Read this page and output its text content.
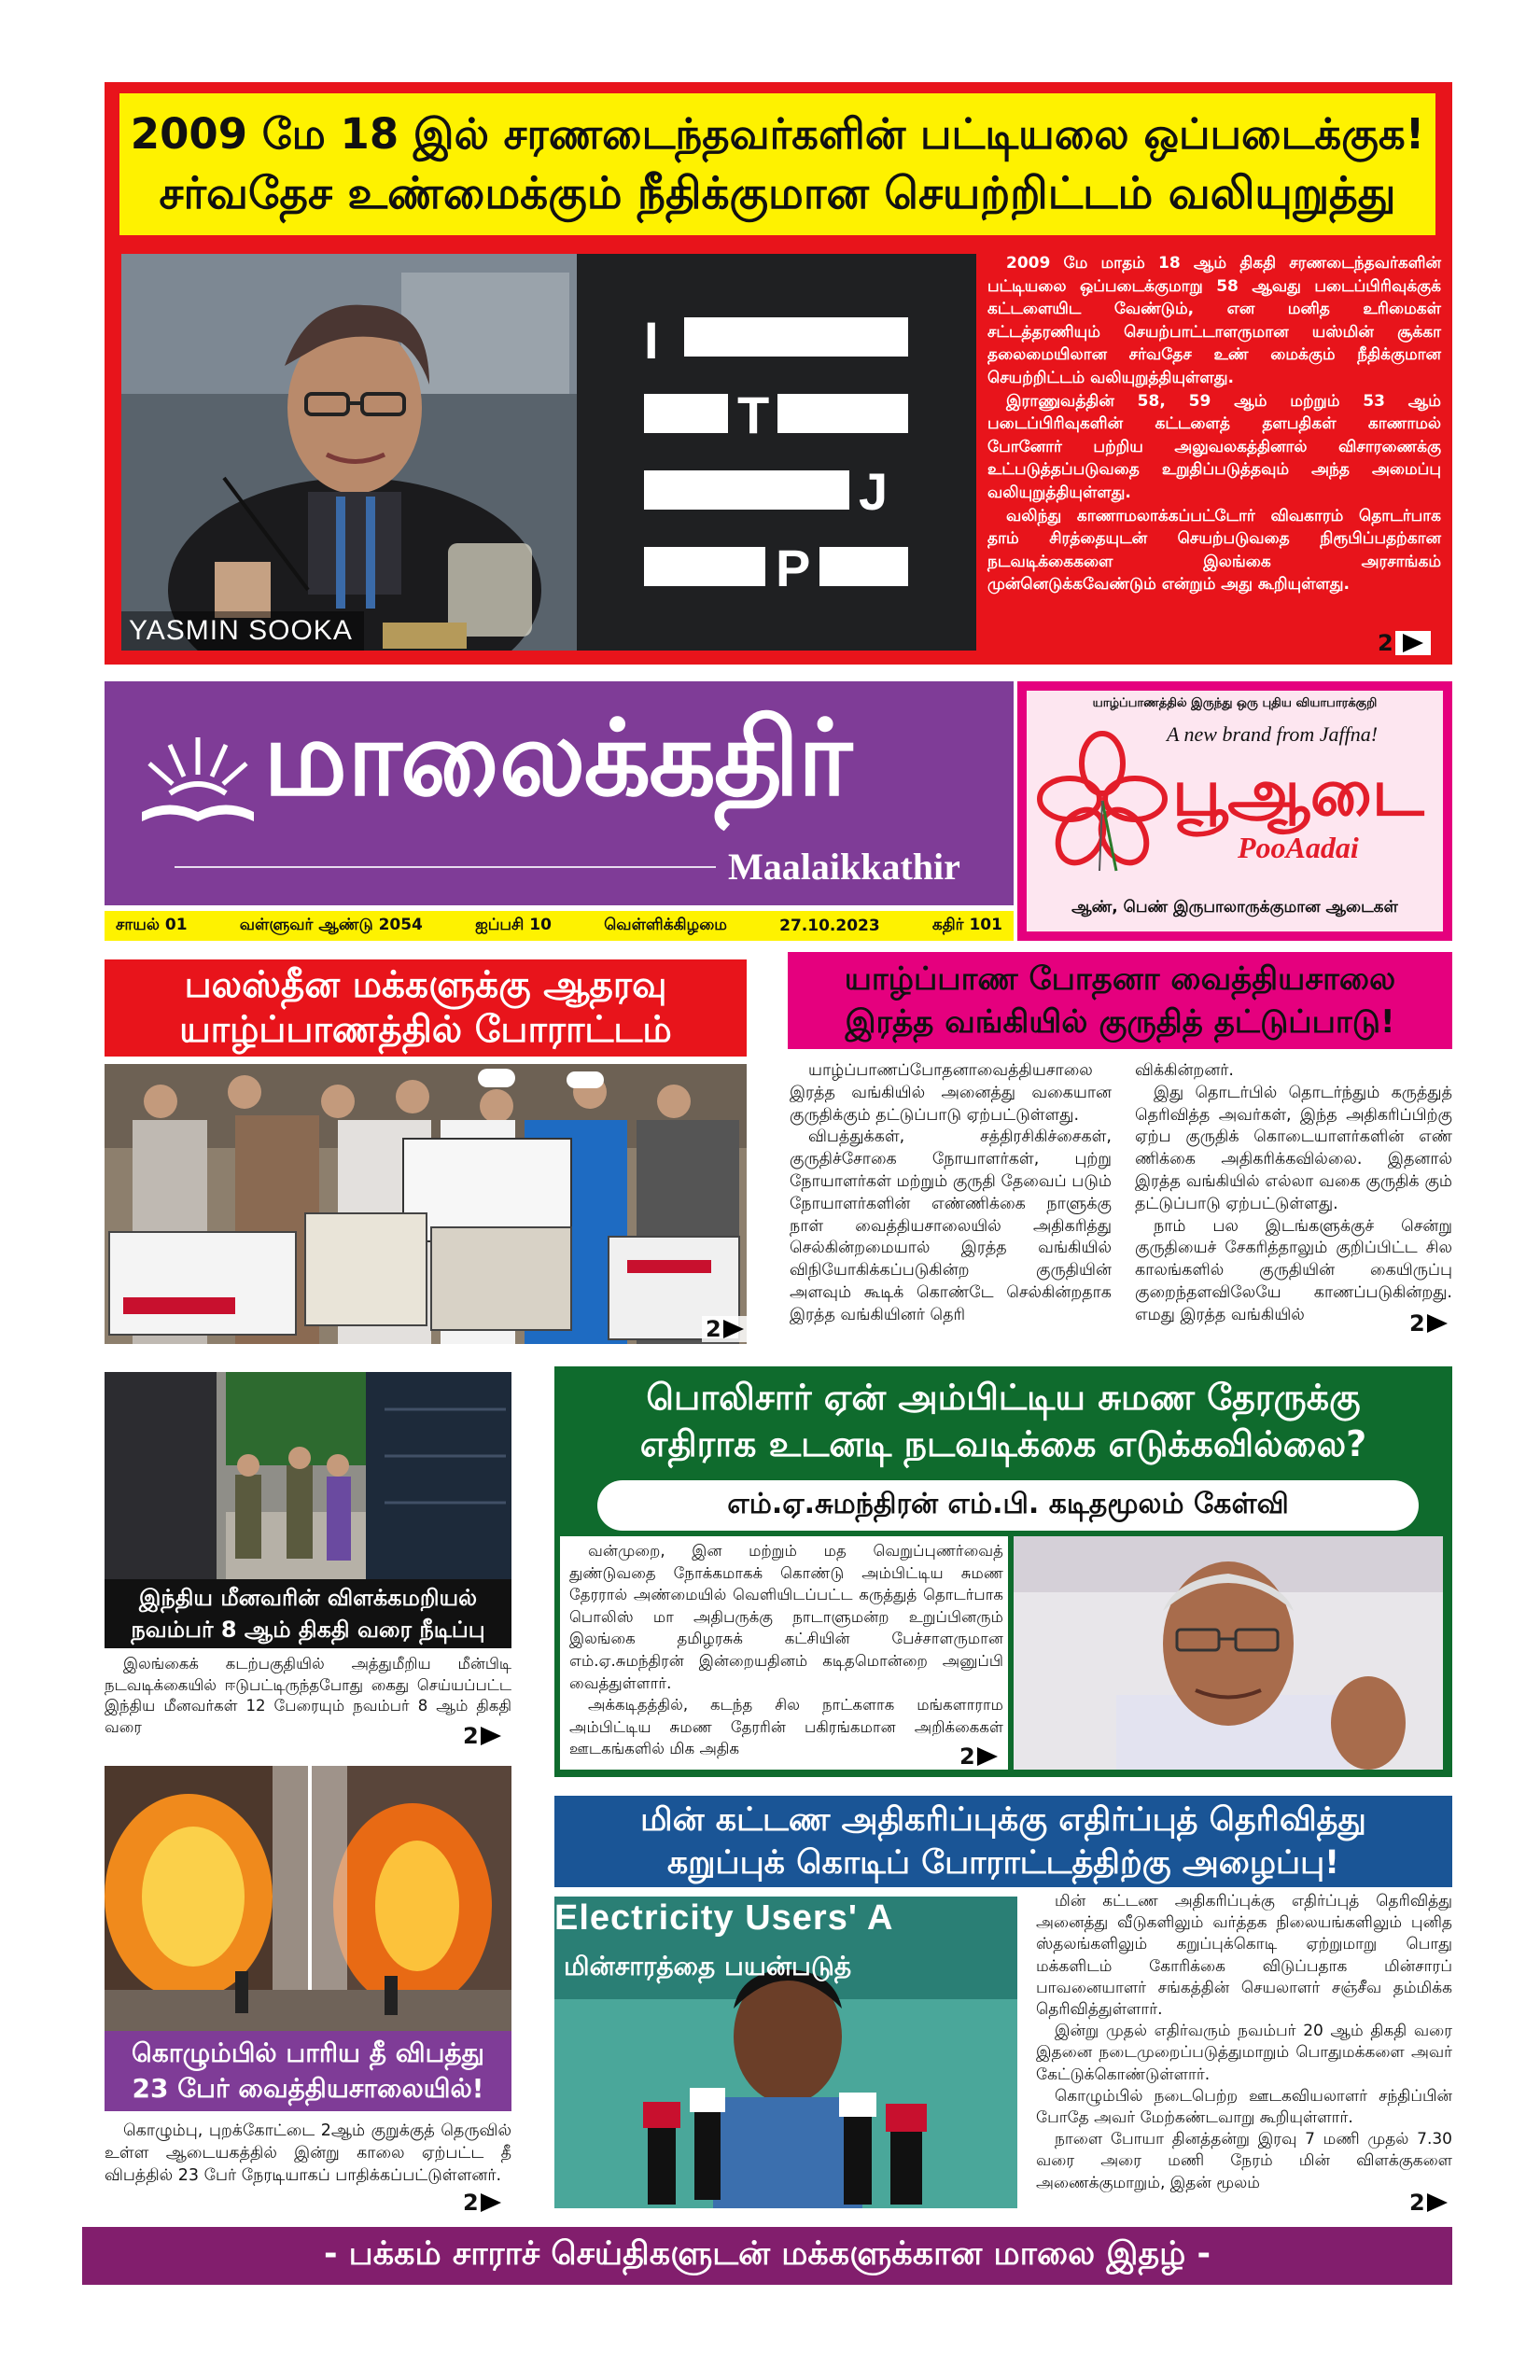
2009 மே 18 இல் சரணடைந்தவர்களின் பட்டியலை ஒப்படைக்குக!
சர்வதேச உண்மைக்கும் நீதிக்குமான செயற்றிட்டம் வலியுறுத்து
YASMIN SOOKA
I
T
J
P

2009 மே மாதம் 18 ஆம் திகதி சரணடைந்தவர்களின் பட்டியலை ஒப்படைக்குமாறு 58 ஆவது படைப்பிரிவுக்குக் கட்டளையிட வேண்டும், என மனித உரிமைகள் சட்டத்தரணியும் செயற்பாட்டாளருமான யஸ்மின் சூக்கா தலைமையிலான சர்வதேச உண் மைக்கும் நீதிக்குமான செயற்றிட்டம் வலியுறுத்தியுள்ளது.

இராணுவத்தின் 58, 59 ஆம் மற்றும் 53 ஆம் படைப்பிரிவுகளின் கட்டளைத் தளபதிகள் காணாமல் போனோர் பற்றிய அலுவலகத்தினால் விசாரணைக்கு உட்படுத்தப்படுவதை உறுதிப்படுத்தவும் அந்த அமைப்பு வலியுறுத்தியுள்ளது.

வலிந்து காணாமலாக்கப்பட்டோர் விவகாரம் தொடர்பாக தாம் சிரத்தையுடன் செயற்படுவதை நிரூபிப்பதற்கான நடவடிக்கைகளை இலங்கை அரசாங்கம் முன்னெடுக்கவேண்டும் என்றும் அது கூறியுள்ளது.

2
மாலைக்கதிர்
Maalaikkathir
யாழ்ப்பாணத்தில் இருந்து ஒரு புதிய வியாபாரக்குறி
A new brand from Jaffna!
பூஆடை
PooAadai
ஆண், பெண் இருபாலாருக்குமான ஆடைகள்
சாயல் 01	வள்ளுவர் ஆண்டு 2054	ஐப்பசி 10	வெள்ளிக்கிழமை	27.10.2023	கதிர் 101
பலஸ்தீன மக்களுக்கு ஆதரவு
யாழ்ப்பாணத்தில் போராட்டம்
2
யாழ்ப்பாண போதனா வைத்தியசாலை
இரத்த வங்கியில் குருதித் தட்டுப்பாடு!

யாழ்ப்பாணப்போதனாவைத்தியசாலை இரத்த வங்கியில் அனைத்து வகையான குருதிக்கும் தட்டுப்பாடு ஏற்பட்டுள்ளது.

விபத்துக்கள், சத்திரசிகிச்சைகள், குருதிச்சோகை நோயாளர்கள், புற்று நோயாளர்கள் மற்றும் குருதி தேவைப் படும் நோயாளர்களின் எண்ணிக்கை நாளுக்கு நாள் வைத்தியசாலையில் அதிகரித்து செல்கின்றமையால் இரத்த வங்கியில் விநியோகிக்கப்படுகின்ற குருதியின் அளவும் கூடிக் கொண்டே செல்கின்றதாக இரத்த வங்கியினர் தெரி

விக்கின்றனர்.

இது தொடர்பில் தொடர்ந்தும் கருத்துத் தெரிவித்த அவர்கள், இந்த அதிகரிப்பிற்கு ஏற்ப குருதிக் கொடையாளர்களின் எண் ணிக்கை அதிகரிக்கவில்லை. இதனால் இரத்த வங்கியில் எல்லா வகை குருதிக் கும் தட்டுப்பாடு ஏற்பட்டுள்ளது.

நாம் பல இடங்களுக்குச் சென்று குருதியைச் சேகரித்தாலும் குறிப்பிட்ட சில காலங்களில் குருதியின் கையிருப்பு குறைந்தளவிலேயே காணப்படுகின்றது. எமது இரத்த வங்கியில்	2
இந்திய மீனவரின் விளக்கமறியல்
நவம்பர் 8 ஆம் திகதி வரை நீடிப்பு

இலங்கைக் கடற்பகுதியில் அத்துமீறிய மீன்பிடி நடவடிக்கையில் ஈடுபட்டிருந்தபோது கைது செய்யப்பட்ட இந்திய மீனவர்கள் 12 பேரையும் நவம்பர் 8 ஆம் திகதி வரை	2
பொலிசார் ஏன் அம்பிட்டிய சுமண தேரருக்கு
எதிராக உடனடி நடவடிக்கை எடுக்கவில்லை?
எம்.ஏ.சுமந்திரன் எம்.பி. கடிதமூலம் கேள்வி

வன்முறை, இன மற்றும் மத வெறுப்புணர்வைத் துண்டுவதை நோக்கமாகக் கொண்டு அம்பிட்டிய சுமண தேரரால் அண்மையில் வெளியிடப்பட்ட கருத்துத் தொடர்பாக பொலிஸ் மா அதிபருக்கு நாடாளுமன்ற உறுப்பினரும் இலங்கை தமிழரசுக் கட்சியின் பேச்சாளருமான எம்.ஏ.சுமந்திரன் இன்றையதினம் கடிதமொன்றை அனுப்பி வைத்துள்ளார்.

அக்கடிதத்தில், கடந்த சில நாட்களாக மங்களாராம அம்பிட்டிய சுமண தேரரின் பகிரங்கமான அறிக்கைகள் ஊடகங்களில் மிக அதிக	2
கொழும்பில் பாரிய தீ விபத்து
23 பேர் வைத்தியசாலையில்!

கொழும்பு, புறக்கோட்டை 2ஆம் குறுக்குத் தெருவில் உள்ள ஆடையகத்தில் இன்று காலை ஏற்பட்ட தீ விபத்தில் 23 பேர் நேரடியாகப் பாதிக்கப்பட்டுள்ளனர்.

2
மின் கட்டண அதிகரிப்புக்கு எதிர்ப்புத் தெரிவித்து
கறுப்புக் கொடிப் போராட்டத்திற்கு அழைப்பு!
Electricity Users' A
மின்சாரத்தை பயன்படுத்

மின் கட்டண அதிகரிப்புக்கு எதிர்ப்புத் தெரிவித்து அனைத்து வீடுகளிலும் வர்த்தக நிலையங்களிலும் புனித ஸ்தலங்களிலும் கறுப்புக்கொடி ஏற்றுமாறு பொது மக்களிடம் கோரிக்கை விடுப்பதாக மின்சாரப் பாவனையாளர் சங்கத்தின் செயலாளர் சஞ்சீவ தம்மிக்க தெரிவித்துள்ளார்.

இன்று முதல் எதிர்வரும் நவம்பர் 20 ஆம் திகதி வரை இதனை நடைமுறைப்படுத்துமாறும் பொதுமக்களை அவர் கேட்டுக்கொண்டுள்ளார்.

கொழும்பில் நடைபெற்ற ஊடகவியலாளர் சந்திப்பின் போதே அவர் மேற்கண்டவாறு கூறியுள்ளார்.

நாளை போயா தினத்தன்று இரவு 7 மணி முதல் 7.30 வரை அரை மணி நேரம் மின் விளக்குகளை அணைக்குமாறும், இதன் மூலம்

2
- பக்கம் சாராச் செய்திகளுடன் மக்களுக்கான மாலை இதழ் -
